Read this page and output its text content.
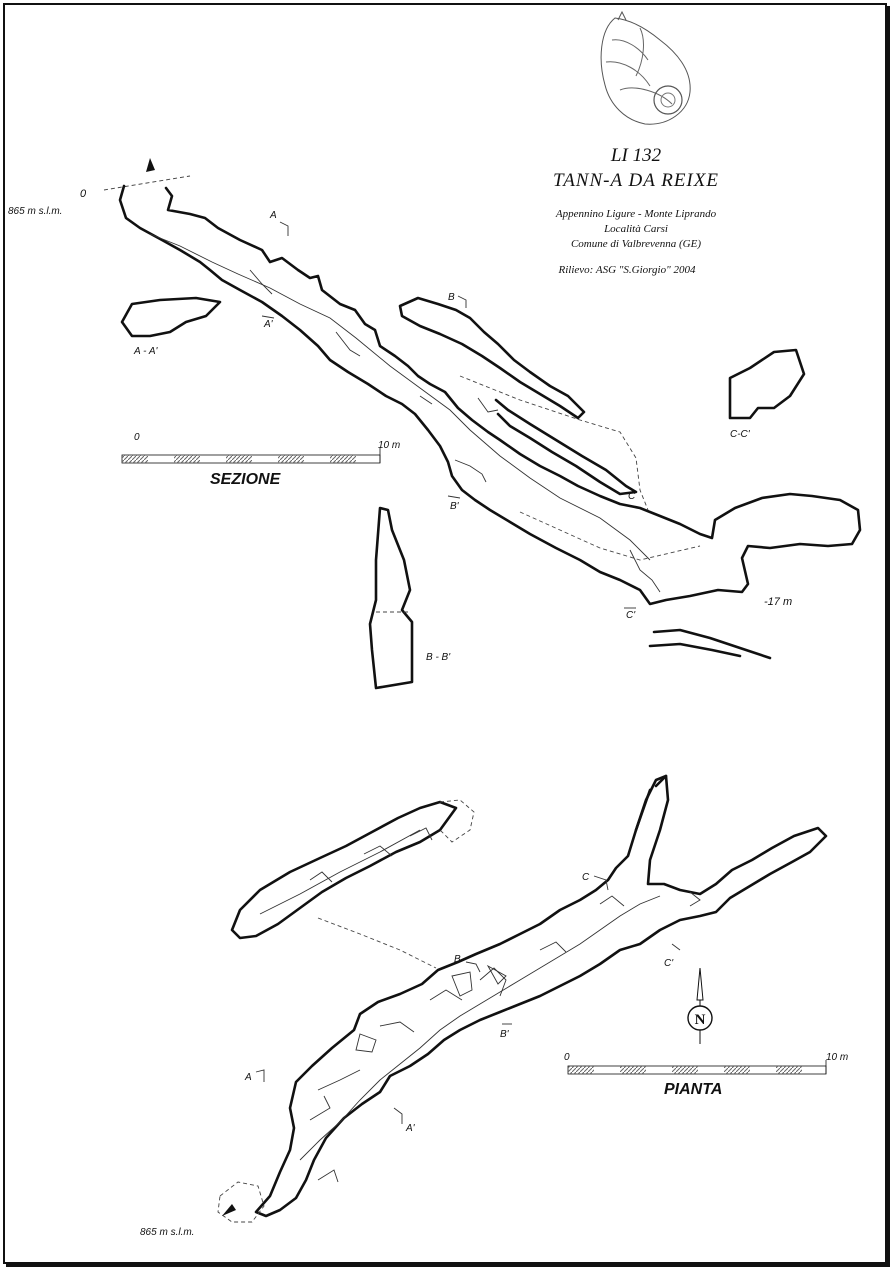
LI 132
TANN-A DA REIXE
Appennino Ligure - Monte Liprando
Località Carsi
Comune di Valbrevenna (GE)
Rilievo: ASG "S.Giorgio" 2004
0
865 m s.l.m.
-17 m
A
A'
B
B'
C
C'
A - A'
B - B'
C-C'
0
10 m
SEZIONE
A
A'
B
B'
C
C'
865 m s.l.m.
N
0	10 m
PIANTA
